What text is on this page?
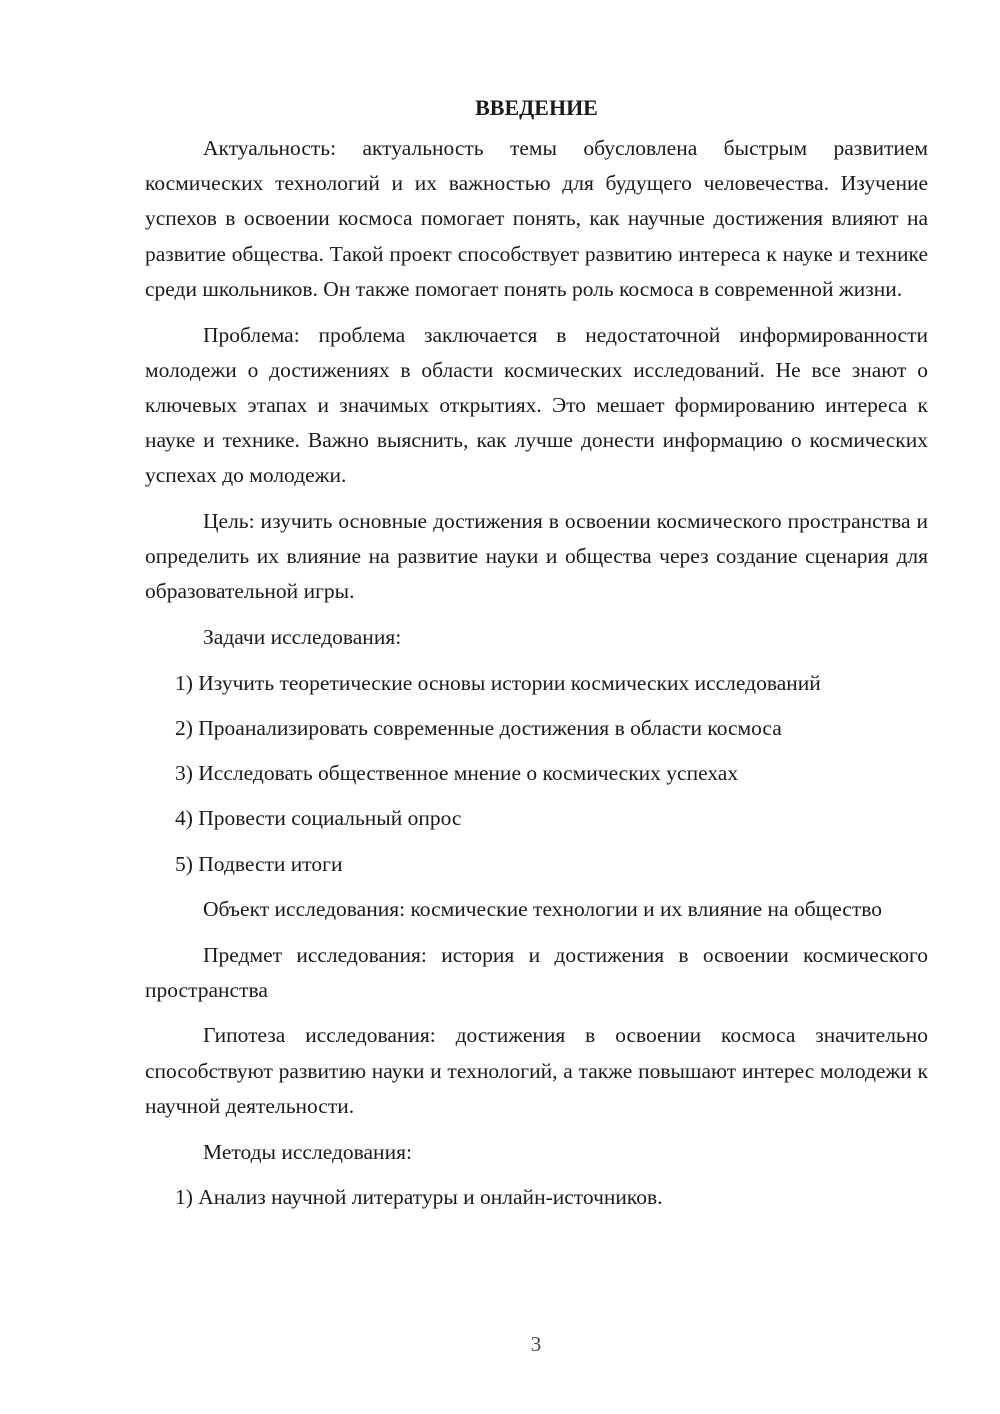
ВВЕДЕНИЕ

Актуальность: актуальность темы обусловлена быстрым развитием космических технологий и их важностью для будущего человечества. Изучение успехов в освоении космоса помогает понять, как научные достижения влияют на развитие общества. Такой проект способствует развитию интереса к науке и технике среди школьников. Он также помогает понять роль космоса в современной жизни.

Проблема: проблема заключается в недостаточной информированности молодежи о достижениях в области космических исследований. Не все знают о ключевых этапах и значимых открытиях. Это мешает формированию интереса к науке и технике. Важно выяснить, как лучше донести информацию о космических успехах до молодежи.

Цель: изучить основные достижения в освоении космического пространства и определить их влияние на развитие науки и общества через создание сценария для образовательной игры.

Задачи исследования:

1) Изучить теоретические основы истории космических исследований
2) Проанализировать современные достижения в области космоса
3) Исследовать общественное мнение о космических успехах
4) Провести социальный опрос
5) Подвести итоги

Объект исследования: космические технологии и их влияние на общество

Предмет исследования: история и достижения в освоении космического пространства

Гипотеза исследования: достижения в освоении космоса значительно способствуют развитию науки и технологий, а также повышают интерес молодежи к научной деятельности.

Методы исследования:

1) Анализ научной литературы и онлайн-источников.
3
